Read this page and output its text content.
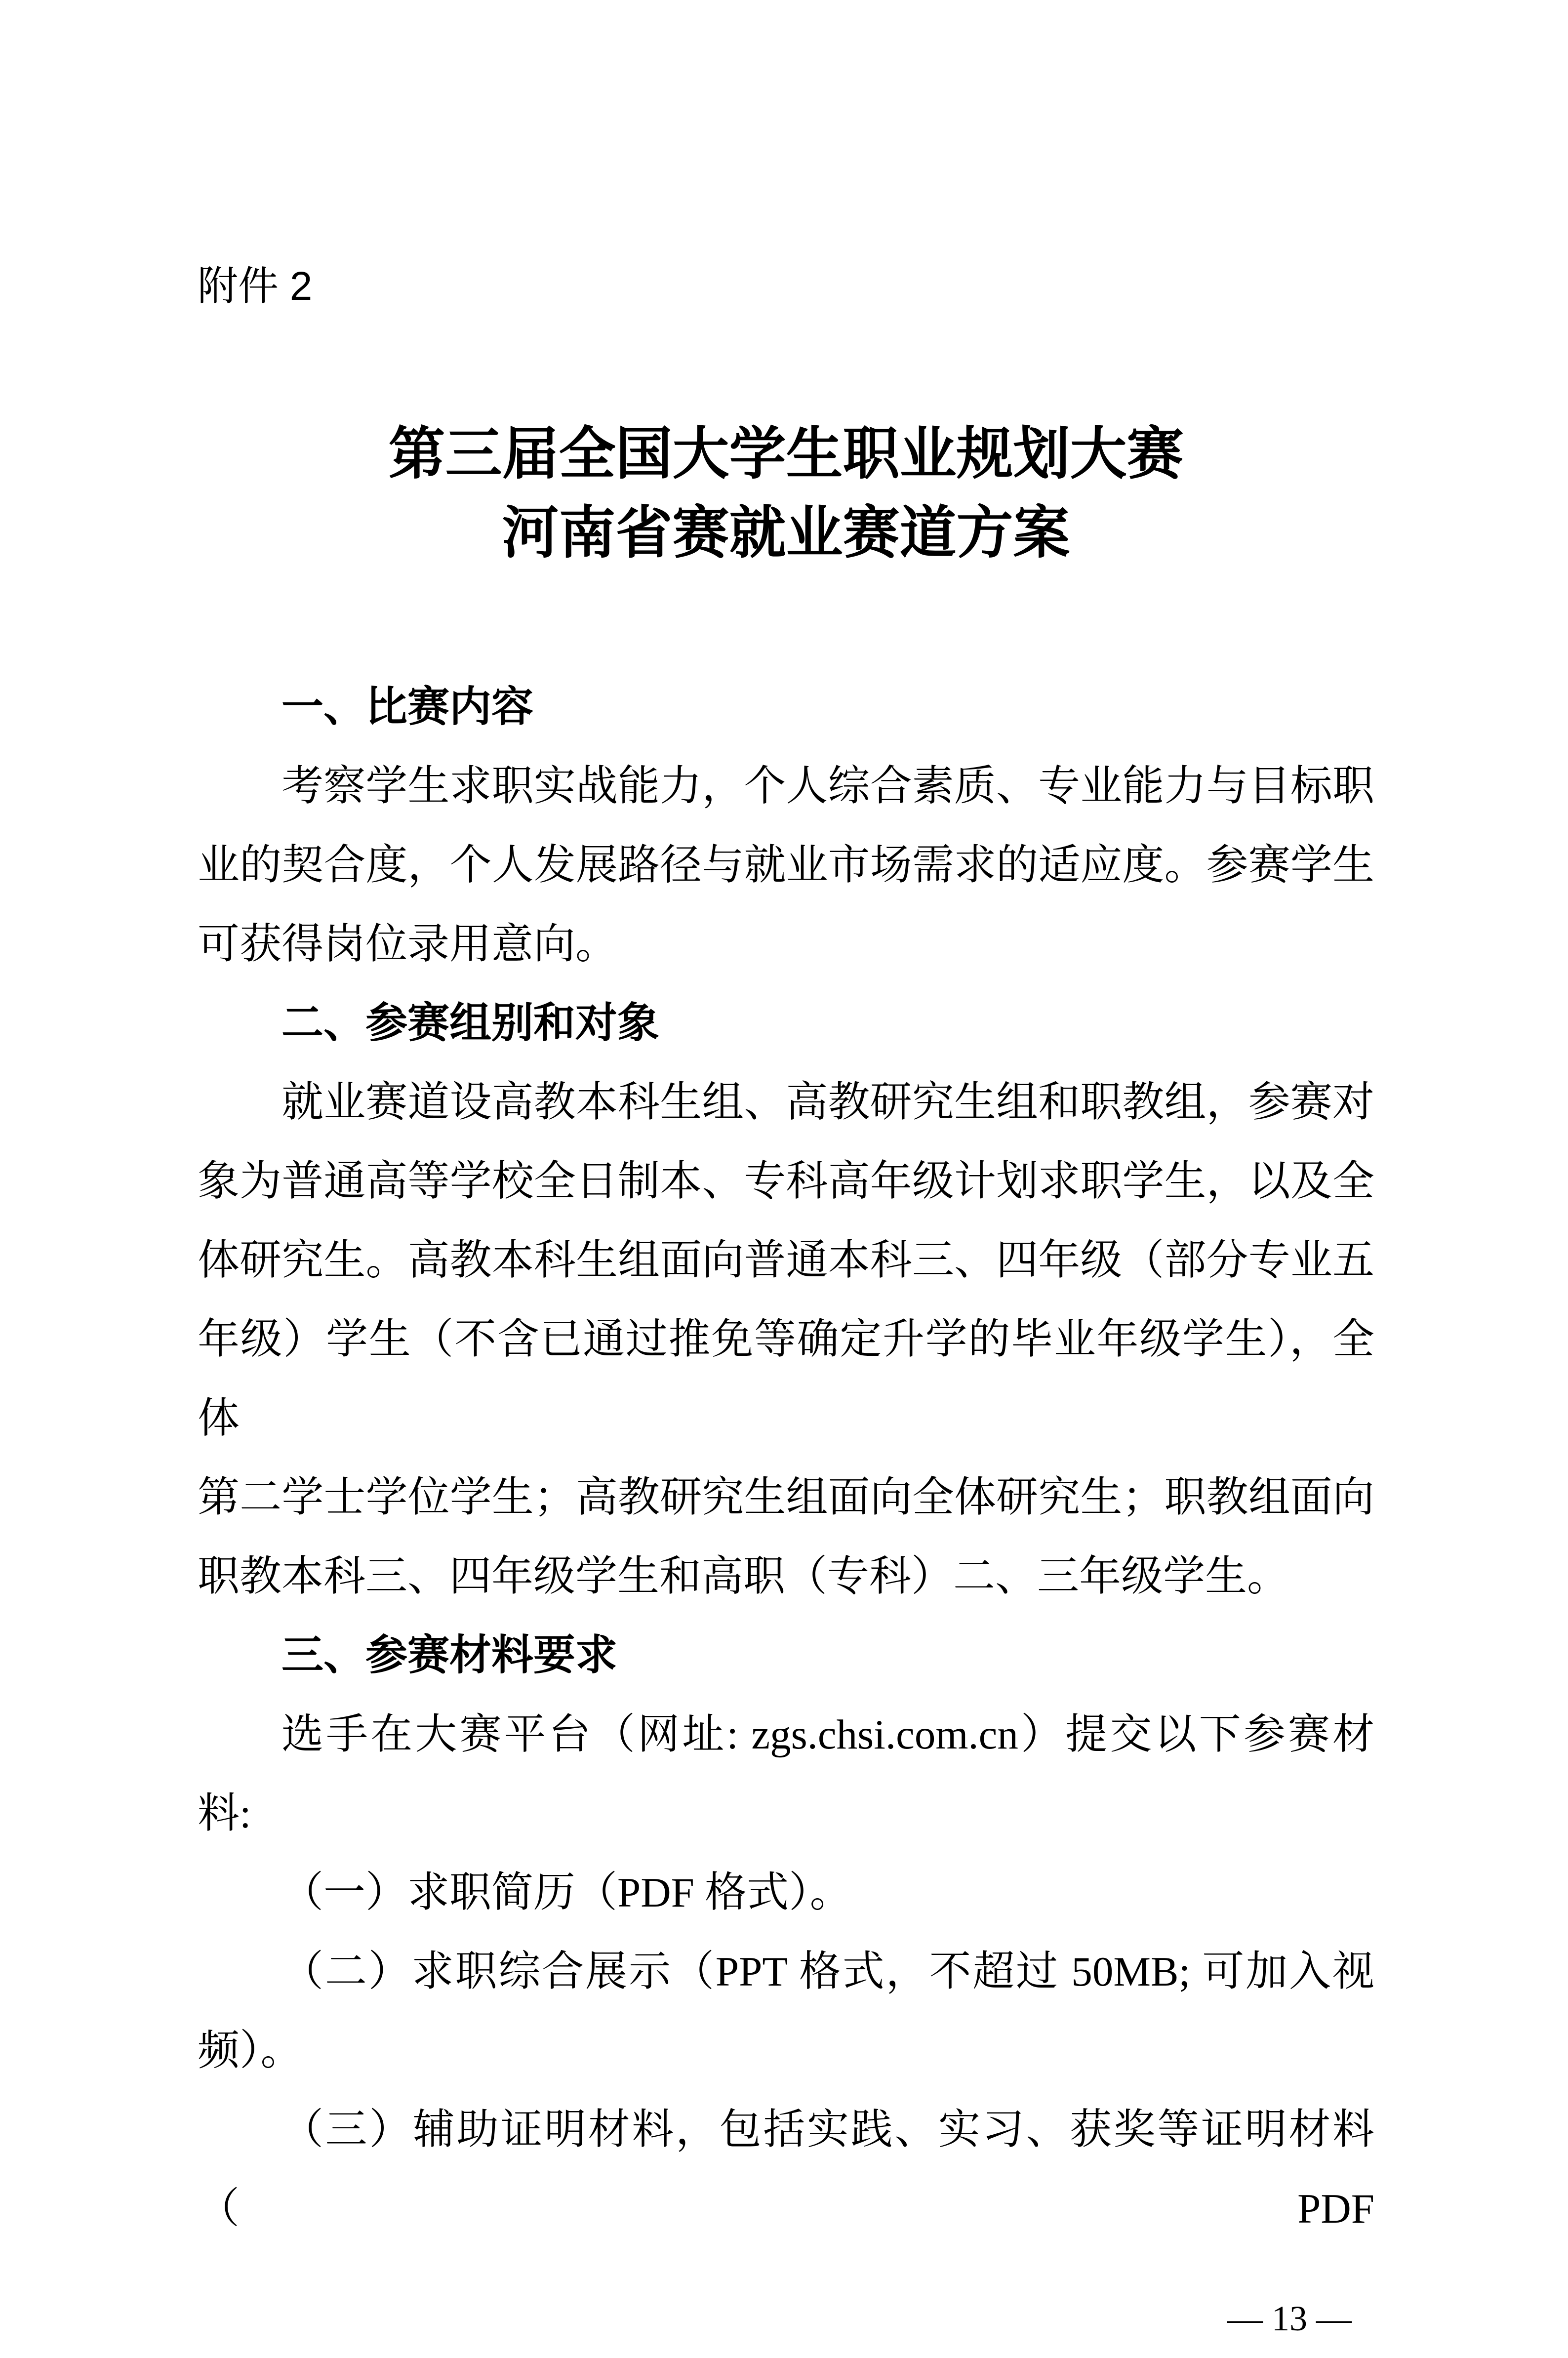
附件 2
第三届全国大学生职业规划大赛
河南省赛就业赛道方案
一、比赛内容
考察学生求职实战能力，个人综合素质、专业能力与目标职
业的契合度，个人发展路径与就业市场需求的适应度。参赛学生
可获得岗位录用意向。
二、参赛组别和对象
就业赛道设高教本科生组、高教研究生组和职教组，参赛对
象为普通高等学校全日制本、专科高年级计划求职学生，以及全
体研究生。高教本科生组面向普通本科三、四年级（部分专业五
年级）学生（不含已通过推免等确定升学的毕业年级学生），全体
第二学士学位学生；高教研究生组面向全体研究生；职教组面向
职教本科三、四年级学生和高职（专科）二、三年级学生。
三、参赛材料要求
选手在大赛平台（网址: zgs.chsi.com.cn）提交以下参赛材料:
（一）求职简历（PDF 格式）。
（二）求职综合展示（PPT 格式，不超过 50MB; 可加入视频）。
（三）辅助证明材料，包括实践、实习、获奖等证明材料（PDF
— 13 —
